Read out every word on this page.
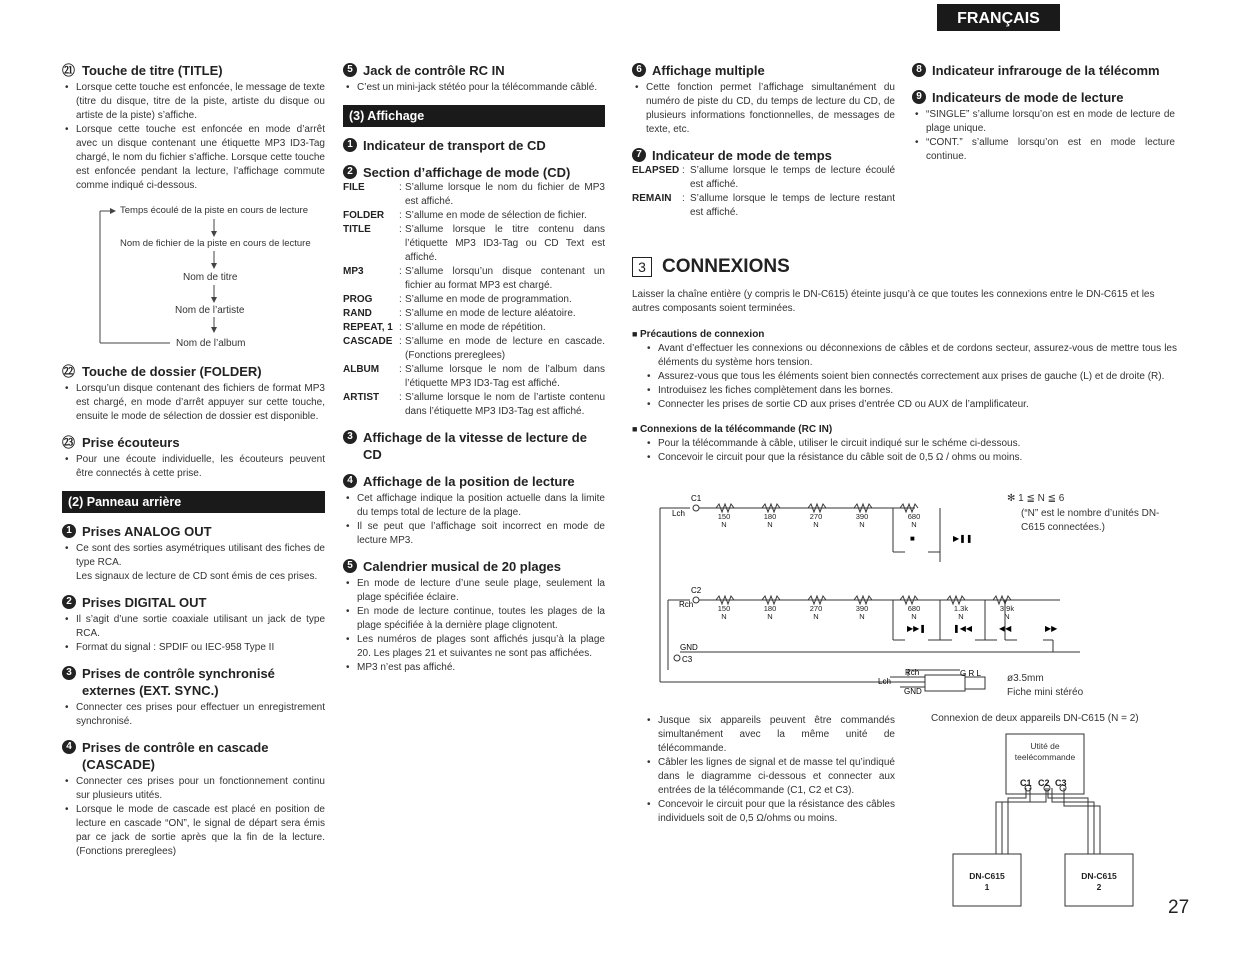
FRANÇAIS

㉑ Touche de titre (TITLE)

• Lorsque cette touche est enfoncée, le message de texte (titre du disque, titre de la piste, artiste du disque ou artiste de la piste) s’affiche.
• Lorsque cette touche est enfoncée en mode d’arrêt avec un disque contenant une étiquette MP3 ID3-Tag chargé, le nom du fichier s’affiche. Lorsque cette touche est enfoncée pendant la lecture, l’affichage commute comme indiqué ci-dessous.
Temps écoulé de la piste en cours de lecture
Nom de fichier de la piste en cours de lecture
Nom de titre
Nom de l’artiste
Nom de l’album

㉒ Touche de dossier (FOLDER)

• Lorsqu’un disque contenant des fichiers de format MP3 est chargé, en mode d’arrêt appuyer sur cette touche, ensuite le mode de sélection de dossier est disponible.

㉓ Prise écouteurs

• Pour une écoute individuelle, les écouteurs peuvent être connectés à cette prise.
(2) Panneau arrière

1 Prises ANALOG OUT

• Ce sont des sorties asymétriques utilisant des fiches de type RCA.
Les signaux de lecture de CD sont émis de ces prises.

2 Prises DIGITAL OUT

• Il s’agit d’une sortie coaxiale utilisant un jack de type RCA.
• Format du signal : SPDIF ou IEC-958 Type II

3 Prises de contrôle synchronisé externes (EXT. SYNC.)

• Connecter ces prises pour effectuer un enregistrement synchronisé.

4 Prises de contrôle en cascade (CASCADE)

• Connecter ces prises pour un fonctionnement continu sur plusieurs utités.
• Lorsque le mode de cascade est placé en position de lecture en cascade “ON”, le signal de départ sera émis par ce jack de sortie après que la fin de la lecture. (Fonctions prereglees)

5 Jack de contrôle RC IN

• C’est un mini-jack stétéo pour la télécommande câblé.
(3) Affichage

1 Indicateur de transport de CD

2 Section d’affichage de mode (CD)

FILE	: S’allume lorsque le nom du fichier de MP3 est affiché.
FOLDER	: S’allume en mode de sélection de fichier.
TITLE	: S’allume lorsque le titre contenu dans l’étiquette MP3 ID3-Tag ou CD Text est affiché.
MP3	: S’allume lorsqu’un disque contenant un fichier au format MP3 est chargé.
PROG	: S’allume en mode de programmation.
RAND	: S’allume en mode de lecture aléatoire.
REPEAT, 1 : S’allume en mode de répétition.
CASCADE : S’allume en mode de lecture en cascade. (Fonctions prereglees)
ALBUM	: S’allume lorsque le nom de l’album dans l’étiquette MP3 ID3-Tag est affiché.
ARTIST	: S’allume lorsque le nom de l’artiste contenu dans l’étiquette MP3 ID3-Tag est affiché.

3 Affichage de la vitesse de lecture de CD

4 Affichage de la position de lecture

• Cet affichage indique la position actuelle dans la limite du temps total de lecture de la plage.
• Il se peut que l’affichage soit incorrect en mode de lecture MP3.

5 Calendrier musical de 20 plages

• En mode de lecture d’une seule plage, seulement la plage spécifiée éclaire.
• En mode de lecture continue, toutes les plages de la plage spécifiée à la dernière plage clignotent.
• Les numéros de plages sont affichés jusqu’à la plage 20. Les plages 21 et suivantes ne sont pas affichées.
• MP3 n’est pas affiché.

6 Affichage multiple

• Cette fonction permet l’affichage simultanément du numéro de piste du CD, du temps de lecture du CD, de plusieurs informations fonctionnelles, de messages de texte, etc.

7 Indicateur de mode de temps

ELAPSED : S’allume lorsque le temps de lecture écoulé est affiché.
REMAIN	: S’allume lorsque le temps de lecture restant est affiché.

8 Indicateur infrarouge de la télécomm

9 Indicateurs de mode de lecture

• “SINGLE” s’allume lorsqu’on est en mode de lecture de plage unique.
• “CONT.” s’allume lorsqu’on est en mode lecture continue.
3 CONNEXIONS
Laisser la chaîne entière (y compris le DN-C615) éteinte jusqu’à ce que toutes les connexions entre le DN-C615 et les autres composants soient terminées.

■ Précautions de connexion

• Avant d’effectuer les connexions ou déconnexions de câbles et de cordons secteur, assurez-vous de mettre tous les éléments du système hors tension.
• Assurez-vous que tous les éléments soient bien connectés correctement aux prises de gauche (L) et de droite (R).
• Introduisez les fiches complètement dans les bornes.
• Connecter les prises de sortie CD aux prises d’entrée CD ou AUX de l’amplificateur.

■ Connexions de la télécommande (RC IN)

• Pour la télécommande à câble, utiliser le circuit indiqué sur le schéme ci-dessous.
• Concevoir le circuit pour que la résistance du câble soit de 0,5 Ω / ohms ou moins.
C1
Lch
C2
Rch
GND
C3
Rch
Lch
GND
G R L
■	▶❚❚
▶▶❚	❚◀◀	◀◀	▶▶
150
N
180
N
270
N
390
N
680
N
150
N
180
N
270
N
390
N
680
N
1.3k
N
3.9k
N
✻ 1 ≦ N ≦ 6
(“N” est le nombre d’unités DN-C615 connectées.)
ø3.5mm
Fiche mini stéréo
• Jusque six appareils peuvent être commandés simultanément avec la même unité de télécommande.
• Câbler les lignes de signal et de masse tel qu’indiqué dans le diagramme ci-dessous et connecter aux entrées de la télécommande (C1, C2 et C3).
• Concevoir le circuit pour que la résistance des câbles individuels soit de 0,5 Ω/ohms ou moins.
Connexion de deux appareils DN-C615 (N = 2)
Utité de teelécommande
C1 C2 C3
DN-C615
1
DN-C615
2
27
